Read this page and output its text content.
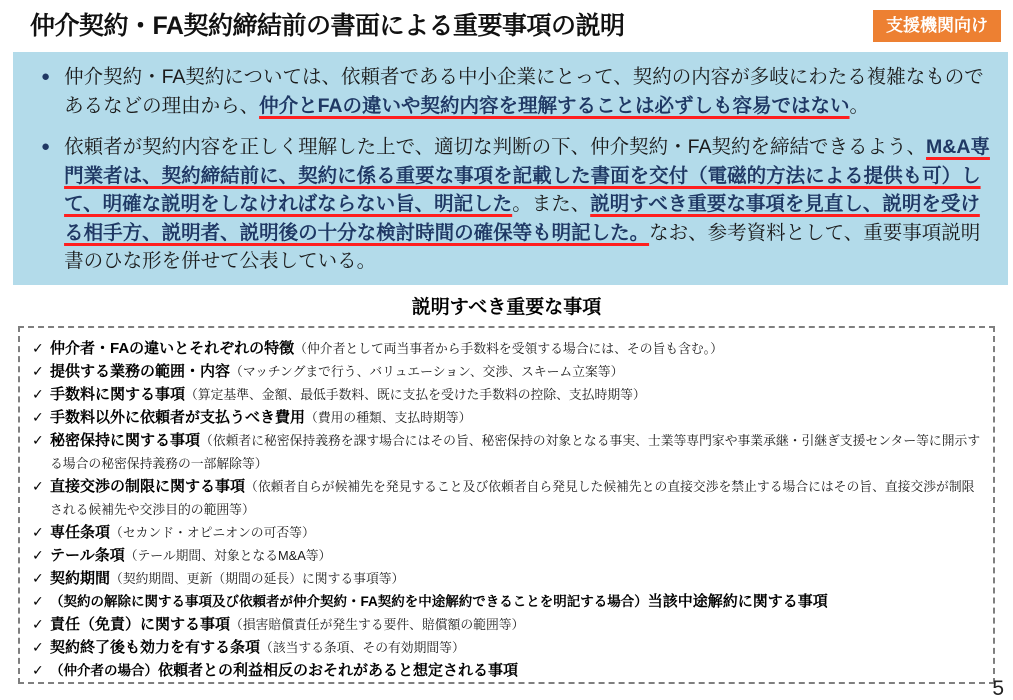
仲介契約・FA契約締結前の書面による重要事項の説明	支援機関向け
● 仲介契約・FA契約については、依頼者である中小企業にとって、契約の内容が多岐にわたる複雑なものであるなどの理由から、仲介とFAの違いや契約内容を理解することは必ずしも容易ではない。
● 依頼者が契約内容を正しく理解した上で、適切な判断の下、仲介契約・FA契約を締結できるよう、M&A専門業者は、契約締結前に、契約に係る重要な事項を記載した書面を交付（電磁的方法による提供も可）して、明確な説明をしなければならない旨、明記した。また、説明すべき重要な事項を見直し、説明を受ける相手方、説明者、説明後の十分な検討時間の確保等も明記した。なお、参考資料として、重要事項説明書のひな形を併せて公表している。
説明すべき重要な事項
✓ 仲介者・FAの違いとそれぞれの特徴（仲介者として両当事者から手数料を受領する場合には、その旨も含む。）
✓ 提供する業務の範囲・内容（マッチングまで行う、バリュエーション、交渉、スキーム立案等）
✓ 手数料に関する事項（算定基準、金額、最低手数料、既に支払を受けた手数料の控除、支払時期等）
✓ 手数料以外に依頼者が支払うべき費用（費用の種類、支払時期等）
✓ 秘密保持に関する事項（依頼者に秘密保持義務を課す場合にはその旨、秘密保持の対象となる事実、士業等専門家や事業承継・引継ぎ支援センター等に開示する場合の秘密保持義務の一部解除等）
✓ 直接交渉の制限に関する事項（依頼者自らが候補先を発見すること及び依頼者自ら発見した候補先との直接交渉を禁止する場合にはその旨、直接交渉が制限される候補先や交渉目的の範囲等）
✓ 専任条項（セカンド・オピニオンの可否等）
✓ テール条項（テール期間、対象となるM&A等）
✓ 契約期間（契約期間、更新（期間の延長）に関する事項等）
✓ （契約の解除に関する事項及び依頼者が仲介契約・FA契約を中途解約できることを明記する場合）当該中途解約に関する事項
✓ 責任（免責）に関する事項（損害賠償責任が発生する要件、賠償額の範囲等）
✓ 契約終了後も効力を有する条項（該当する条項、その有効期間等）
✓ （仲介者の場合）依頼者との利益相反のおそれがあると想定される事項
5
